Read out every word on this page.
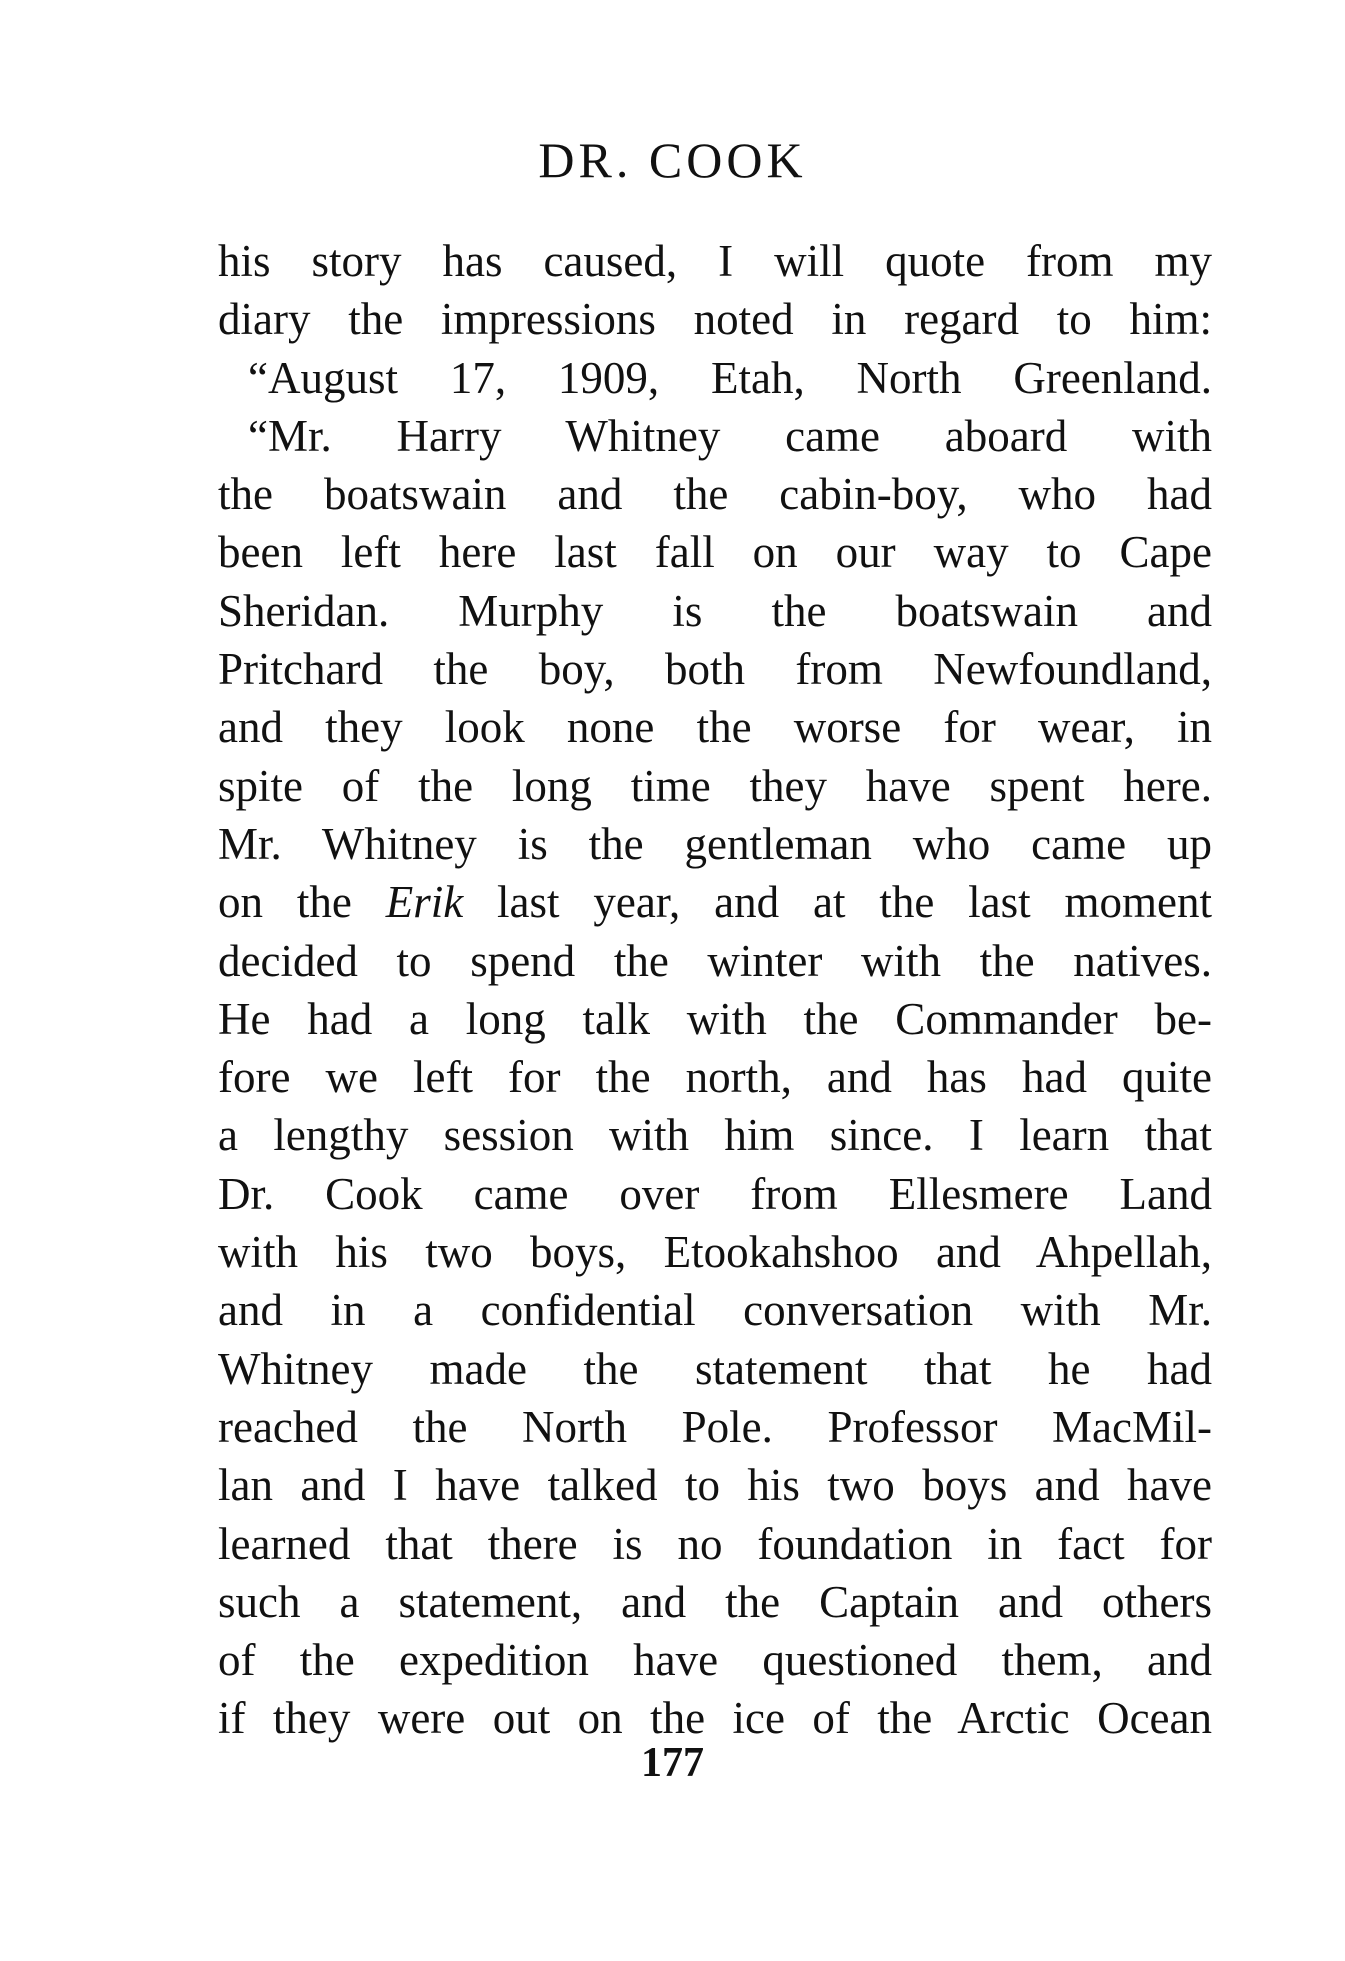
DR. COOK
his story has caused, I will quote from my
diary the impressions noted in regard to him:
“August 17, 1909, Etah, North Greenland.
“Mr. Harry Whitney came aboard with
the boatswain and the cabin-boy, who had
been left here last fall on our way to Cape
Sheridan. Murphy is the boatswain and
Pritchard the boy, both from Newfoundland,
and they look none the worse for wear, in
spite of the long time they have spent here.
Mr. Whitney is the gentleman who came up
on the Erik last year, and at the last moment
decided to spend the winter with the natives.
He had a long talk with the Commander be-
fore we left for the north, and has had quite
a lengthy session with him since. I learn that
Dr. Cook came over from Ellesmere Land
with his two boys, Etookahshoo and Ahpellah,
and in a confidential conversation with Mr.
Whitney made the statement that he had
reached the North Pole. Professor MacMil-
lan and I have talked to his two boys and have
learned that there is no foundation in fact for
such a statement, and the Captain and others
of the expedition have questioned them, and
if they were out on the ice of the Arctic Ocean
177
